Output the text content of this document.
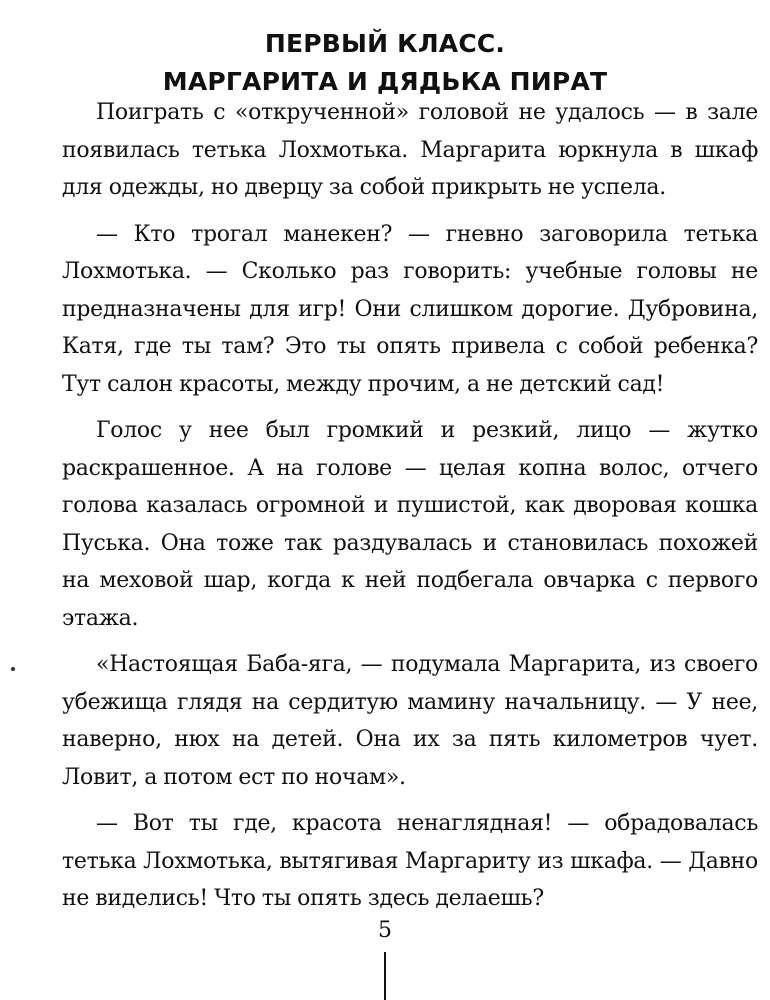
ПЕРВЫЙ КЛАСС.
МАРГАРИТА И ДЯДЬКА ПИРАТ

Поиграть с «открученной» головой не удалось — в зале появилась тетька Лохмотька. Маргарита юркнула в шкаф для одежды, но дверцу за собой прикрыть не успела.

— Кто трогал манекен? — гневно заговорила тетька Лохмотька. — Сколько раз говорить: учебные головы не предназначены для игр! Они слишком дорогие. Дубровина, Катя, где ты там? Это ты опять привела с собой ребенка? Тут салон красоты, между прочим, а не детский сад!

Голос у нее был громкий и резкий, лицо — жутко раскрашенное. А на голове — целая копна волос, отчего голова казалась огромной и пушистой, как дворовая кошка Пуська. Она тоже так раздувалась и становилась похожей на меховой шар, когда к ней подбегала овчарка с первого этажа.

«Настоящая Баба-яга, — подумала Маргарита, из своего убежища глядя на сердитую мамину начальницу. — У нее, наверно, нюх на детей. Она их за пять километров чует. Ловит, а потом ест по ночам».

— Вот ты где, красота ненаглядная! — обрадовалась тетька Лохмотька, вытягивая Маргариту из шкафа. — Давно не виделись! Что ты опять здесь делаешь?

5
